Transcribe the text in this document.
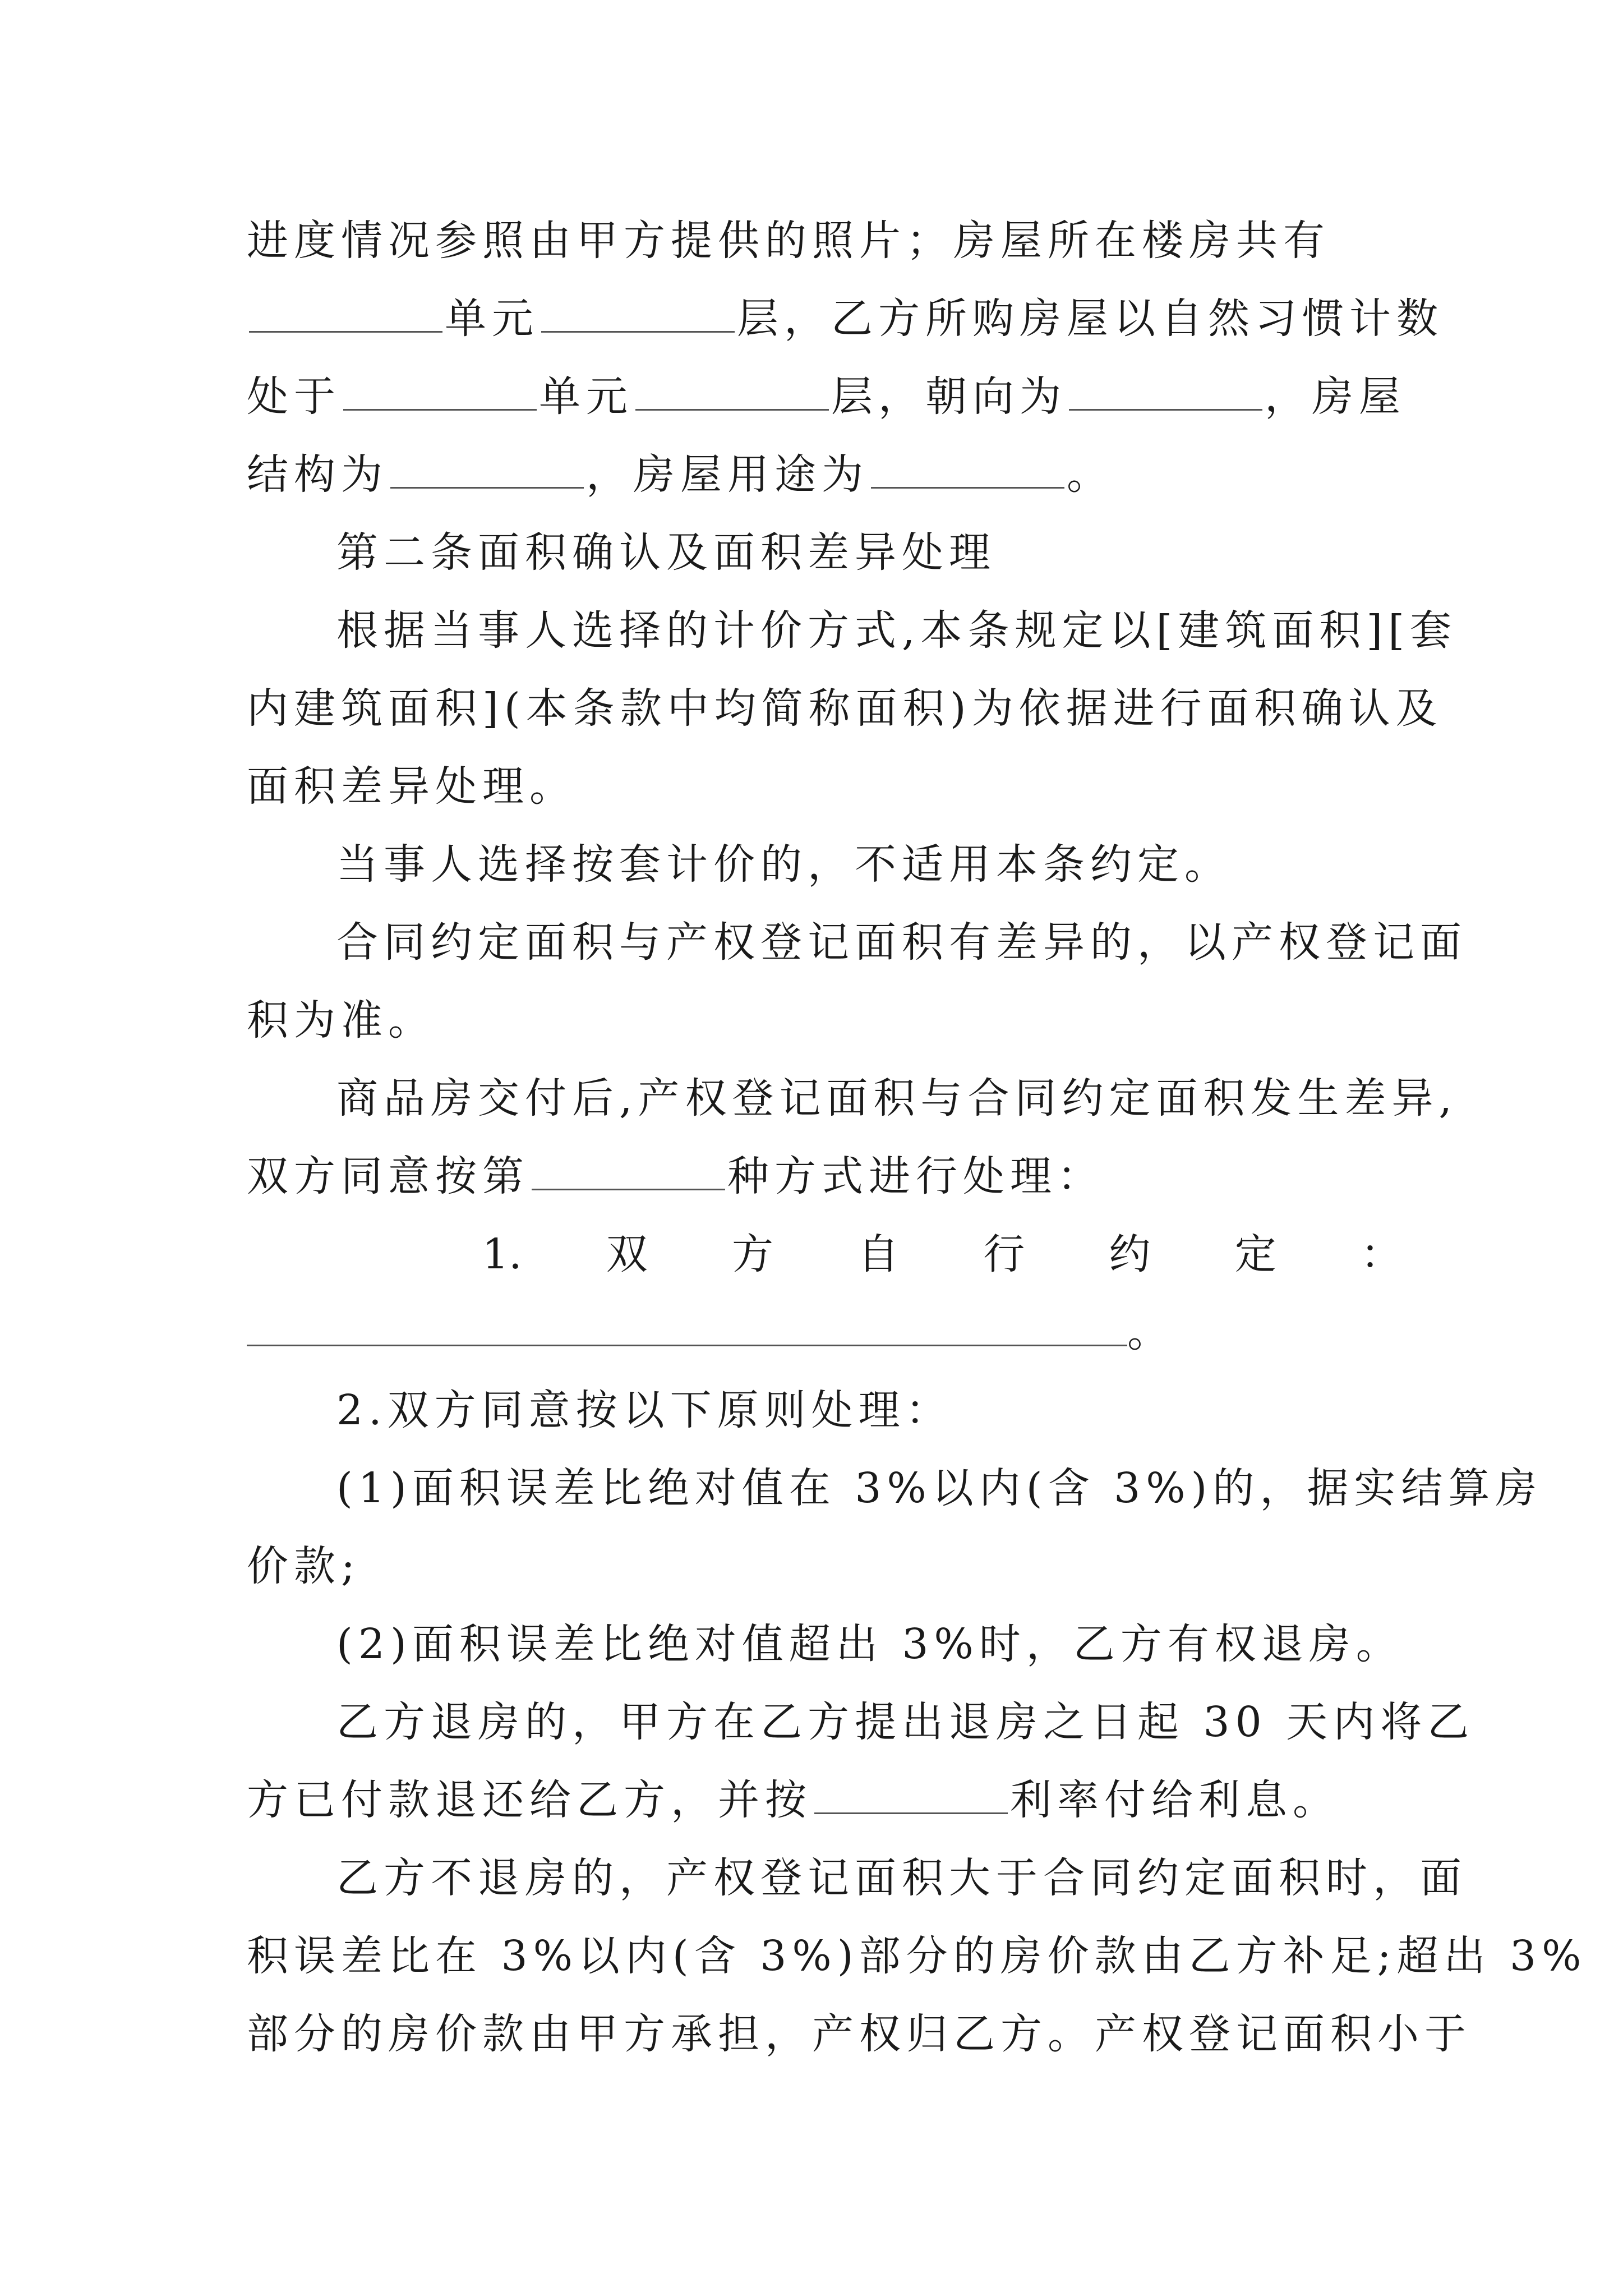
进度情况参照由甲方提供的照片；房屋所在楼房共有
单元	层，乙方所购房屋以自然习惯计数
处于	单元	层，朝向为	，房屋
结构为	，房屋用途为	。
第二条面积确认及面积差异处理
根据当事人选择的计价方式,本条规定以[建筑面积][套
内建筑面积](本条款中均简称面积)为依据进行面积确认及
面积差异处理。
当事人选择按套计价的，不适用本条约定。
合同约定面积与产权登记面积有差异的，以产权登记面
积为准。
商品房交付后,产权登记面积与合同约定面积发生差异,
双方同意按第	种方式进行处理：
1. 双 方 自 行 约 定 ：
。
2.双方同意按以下原则处理：
(1)面积误差比绝对值在 3%以内(含 3%)的，据实结算房
价款;
(2)面积误差比绝对值超出 3%时，乙方有权退房。
乙方退房的，甲方在乙方提出退房之日起 30 天内将乙
方已付款退还给乙方，并按	利率付给利息。
乙方不退房的，产权登记面积大于合同约定面积时，面
积误差比在 3%以内(含 3%)部分的房价款由乙方补足;超出 3%
部分的房价款由甲方承担，产权归乙方。产权登记面积小于
